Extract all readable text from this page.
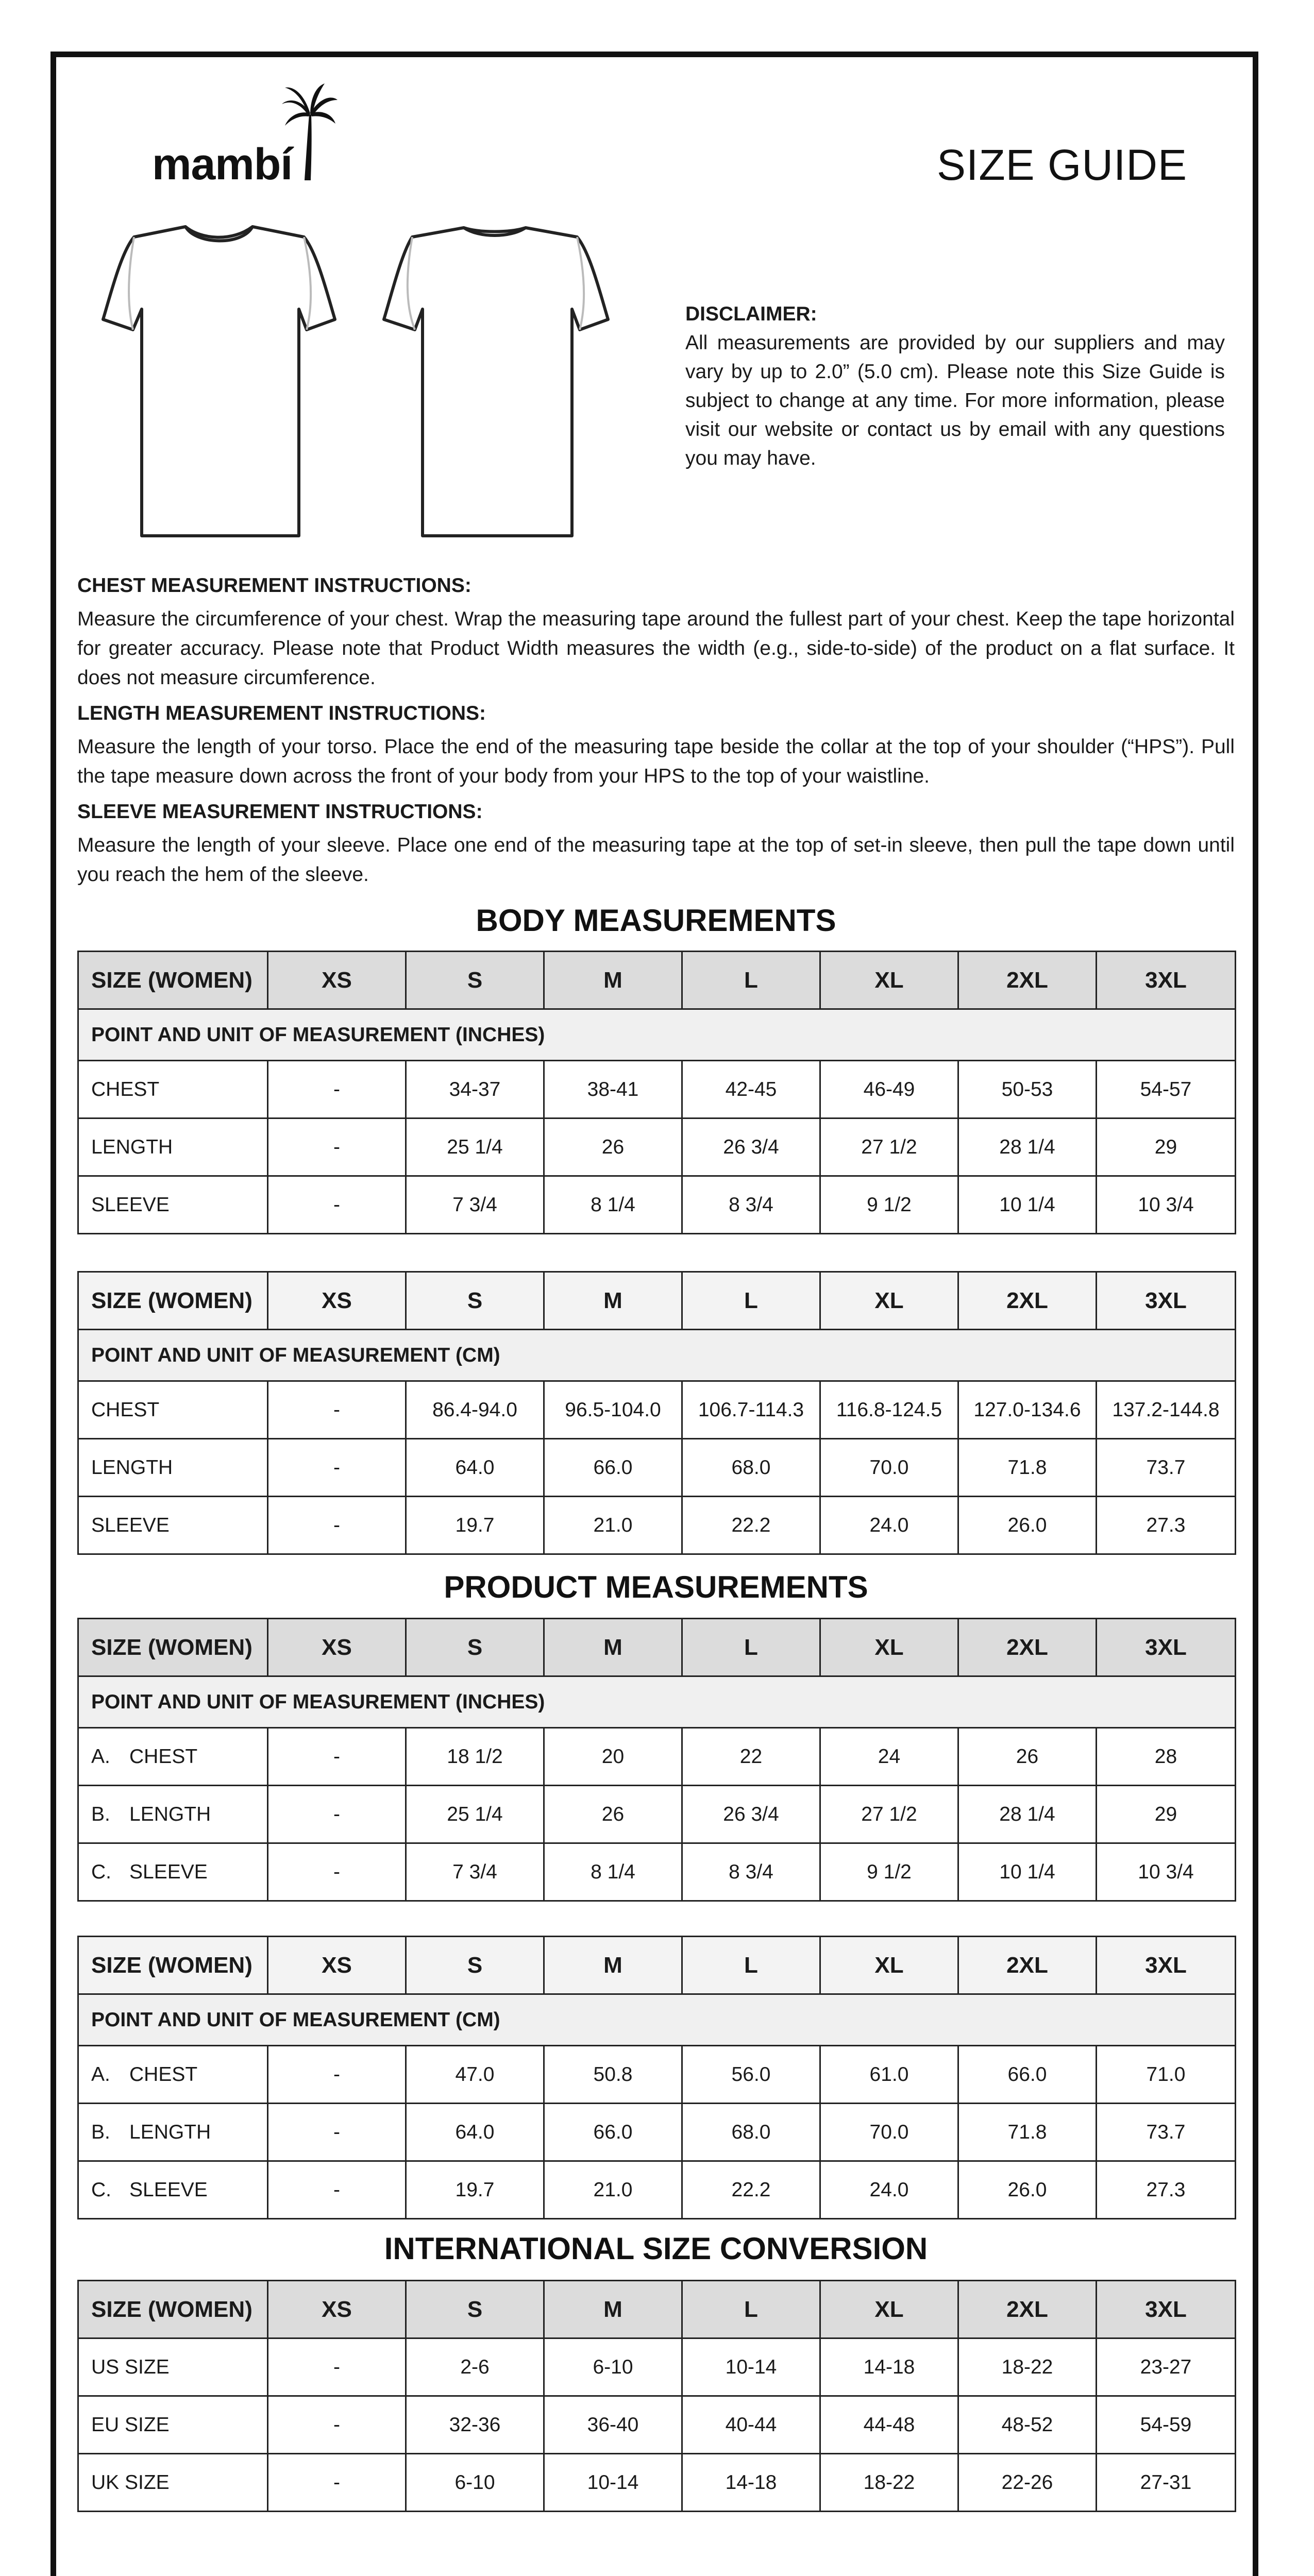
mambí	SIZE GUIDE
DISCLAIMER:
All measurements are provided by our suppliers and may vary by up to 2.0” (5.0 cm). Please note this Size Guide is subject to change at any time. For more information, please visit our website or contact us by email with any questions you may have.

CHEST MEASUREMENT INSTRUCTIONS:

Measure the circumference of your chest. Wrap the measuring tape around the fullest part of your chest. Keep the tape horizontal for greater accuracy. Please note that Product Width measures the width (e.g., side-to-side) of the product on a flat surface. It does not measure circumference.

LENGTH MEASUREMENT INSTRUCTIONS:

Measure the length of your torso. Place the end of the measuring tape beside the collar at the top of your shoulder (“HPS”). Pull the tape measure down across the front of your body from your HPS to the top of your waistline.

SLEEVE MEASUREMENT INSTRUCTIONS:

Measure the length of your sleeve. Place one end of the measuring tape at the top of set-in sleeve, then pull the tape down until you reach the hem of the sleeve.

BODY MEASUREMENTS
SIZE (WOMEN)	XS	S	M	L	XL	2XL	3XL
POINT AND UNIT OF MEASUREMENT (INCHES)							
CHEST	-	34-37	38-41	42-45	46-49	50-53	54-57
LENGTH	-	25 1/4	26	26 3/4	27 1/2	28 1/4	29
SLEEVE	-	7 3/4	8 1/4	8 3/4	9 1/2	10 1/4	10 3/4
SIZE (WOMEN)	XS	S	M	L	XL	2XL	3XL
POINT AND UNIT OF MEASUREMENT (CM)							
CHEST	-	86.4-94.0	96.5-104.0	106.7-114.3	116.8-124.5	127.0-134.6	137.2-144.8
LENGTH	-	64.0	66.0	68.0	70.0	71.8	73.7
SLEEVE	-	19.7	21.0	22.2	24.0	26.0	27.3
PRODUCT MEASUREMENTS
SIZE (WOMEN)	XS	S	M	L	XL	2XL	3XL
POINT AND UNIT OF MEASUREMENT (INCHES)							
A. CHEST	-	18 1/2	20	22	24	26	28
B. LENGTH	-	25 1/4	26	26 3/4	27 1/2	28 1/4	29
C. SLEEVE	-	7 3/4	8 1/4	8 3/4	9 1/2	10 1/4	10 3/4
SIZE (WOMEN)	XS	S	M	L	XL	2XL	3XL
POINT AND UNIT OF MEASUREMENT (CM)							
A. CHEST	-	47.0	50.8	56.0	61.0	66.0	71.0
B. LENGTH	-	64.0	66.0	68.0	70.0	71.8	73.7
C. SLEEVE	-	19.7	21.0	22.2	24.0	26.0	27.3
INTERNATIONAL SIZE CONVERSION
SIZE (WOMEN)	XS	S	M	L	XL	2XL	3XL
US SIZE	-	2-6	6-10	10-14	14-18	18-22	23-27
EU SIZE	-	32-36	36-40	40-44	44-48	48-52	54-59
UK SIZE	-	6-10	10-14	14-18	18-22	22-26	27-31
